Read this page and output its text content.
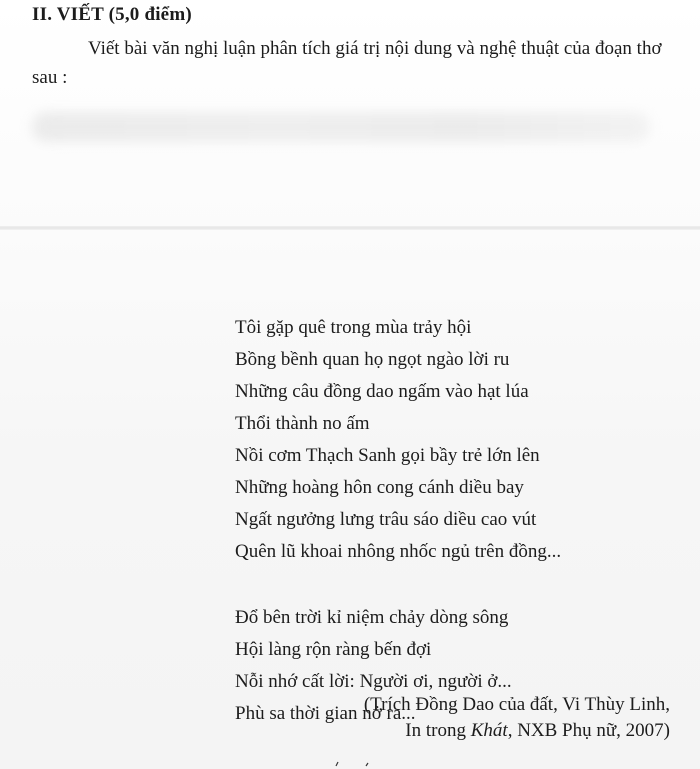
II. VIẾT (5,0 điểm)
Viết bài văn nghị luận phân tích giá trị nội dung và nghệ thuật của đoạn thơ sau :
Tôi gặp quê trong mùa trảy hội
Bồng bềnh quan họ ngọt ngào lời ru
Những câu đồng dao ngấm vào hạt lúa
Thổi thành no ấm
Nồi cơm Thạch Sanh gọi bầy trẻ lớn lên
Những hoàng hôn cong cánh diều bay
Ngất ngưởng lưng trâu sáo diều cao vút
Quên lũ khoai nhông nhốc ngủ trên đồng...
Đổ bên trời kỉ niệm chảy dòng sông
Hội làng rộn ràng bến đợi
Nỗi nhớ cất lời: Người ơi, người ở...
Phù sa thời gian nở ra...
(Trích Đồng Dao của đất, Vi Thùy Linh,
In trong Khát, NXB Phụ nữ, 2007)
